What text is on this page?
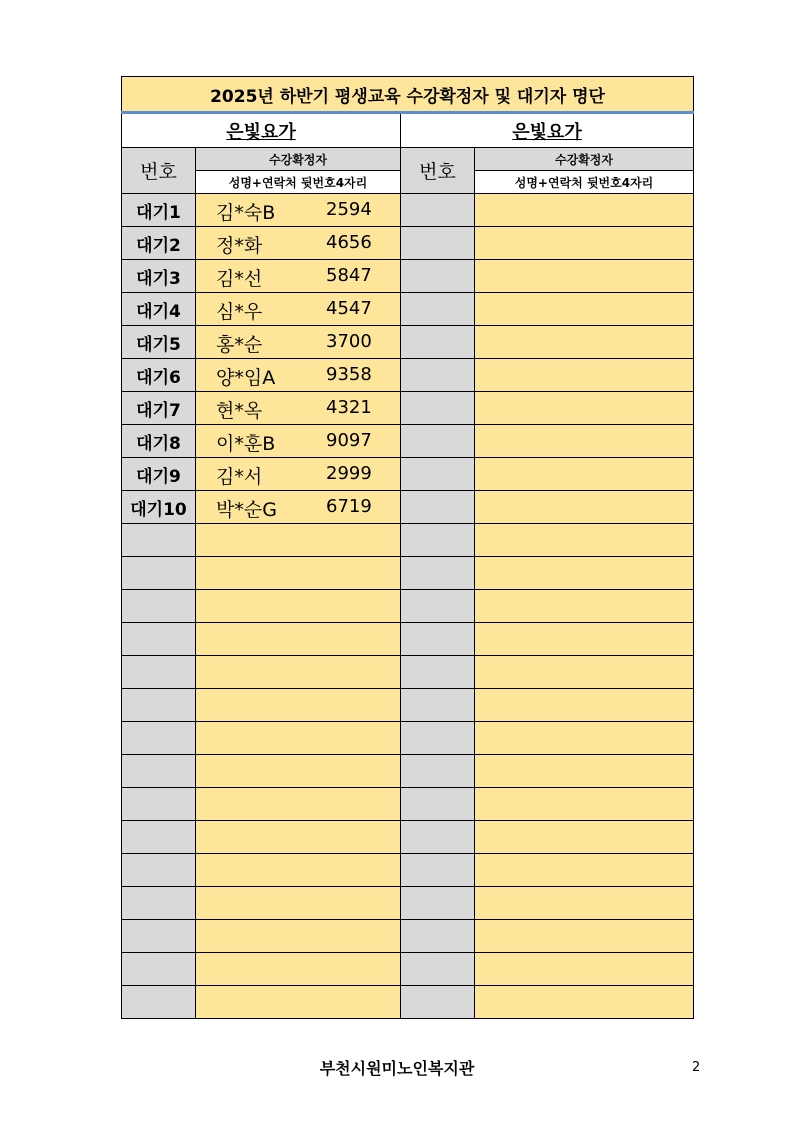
2025년 하반기 평생교육 수강확정자 및 대기자 명단			
은빛요가		은빛요가	
번호	수강확정자	번호	수강확정자
	성명+연락처 뒷번호4자리		성명+연락처 뒷번호4자리
대기1	김*숙B 2594		

대기2	정*화 4656		

대기3	김*선 5847		

대기4	심*우 4547		

대기5	홍*순 3700		

대기6	양*임A 9358		

대기7	현*옥 4321		

대기8	이*훈B 9097		

대기9	김*서 2999		

대기10	박*순G 6719		

부천시원미노인복지관	2
